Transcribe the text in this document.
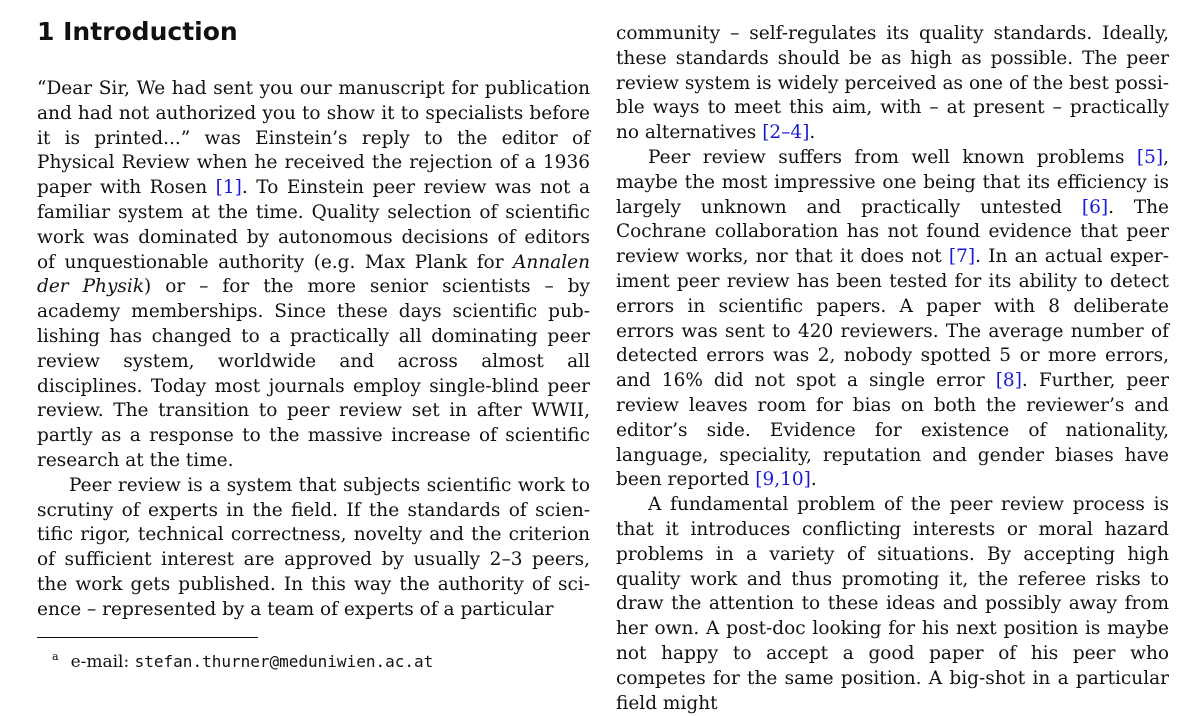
1 Introduction

“Dear Sir, We had sent you our manuscript for publication and had not authorized you to show it to specialists before it is printed...” was Einstein’s reply to the editor of Physical Review when he received the rejection of a 1936 paper with Rosen [1]. To Einstein peer review was not a familiar system at the time. Quality selection of scientific work was dominated by autonomous decisions of editors of unquestionable authority (e.g. Max Plank for Annalen der Physik) or – for the more senior scientists – by academy memberships. Since these days scientific publishing has changed to a practically all dominating peer review system, worldwide and across almost all disciplines. Today most journals employ single-blind peer review. The transition to peer review set in after WWII, partly as a response to the massive increase of scientific research at the time.

Peer review is a system that subjects scientific work to scrutiny of experts in the field. If the standards of scientific rigor, technical correctness, novelty and the criterion of sufficient interest are approved by usually 2–3 peers, the work gets published. In this way the authority of science – represented by a team of experts of a particular

community – self-regulates its quality standards. Ideally, these standards should be as high as possible. The peer review system is widely perceived as one of the best possible ways to meet this aim, with – at present – practically no alternatives [2–4].

Peer review suffers from well known problems [5], maybe the most impressive one being that its efficiency is largely unknown and practically untested [6]. The Cochrane collaboration has not found evidence that peer review works, nor that it does not [7]. In an actual experiment peer review has been tested for its ability to detect errors in scientific papers. A paper with 8 deliberate errors was sent to 420 reviewers. The average number of detected errors was 2, nobody spotted 5 or more errors, and 16% did not spot a single error [8]. Further, peer review leaves room for bias on both the reviewer’s and editor’s side. Evidence for existence of nationality, language, speciality, reputation and gender biases have been reported [9,10].

A fundamental problem of the peer review process is that it introduces conflicting interests or moral hazard problems in a variety of situations. By accepting high quality work and thus promoting it, the referee risks to draw the attention to these ideas and possibly away from her own. A post-doc looking for his next position is maybe not happy to accept a good paper of his peer who competes for the same position. A big-shot in a particular field might

$^a$ e-mail: stefan.thurner@meduniwien.ac.at
